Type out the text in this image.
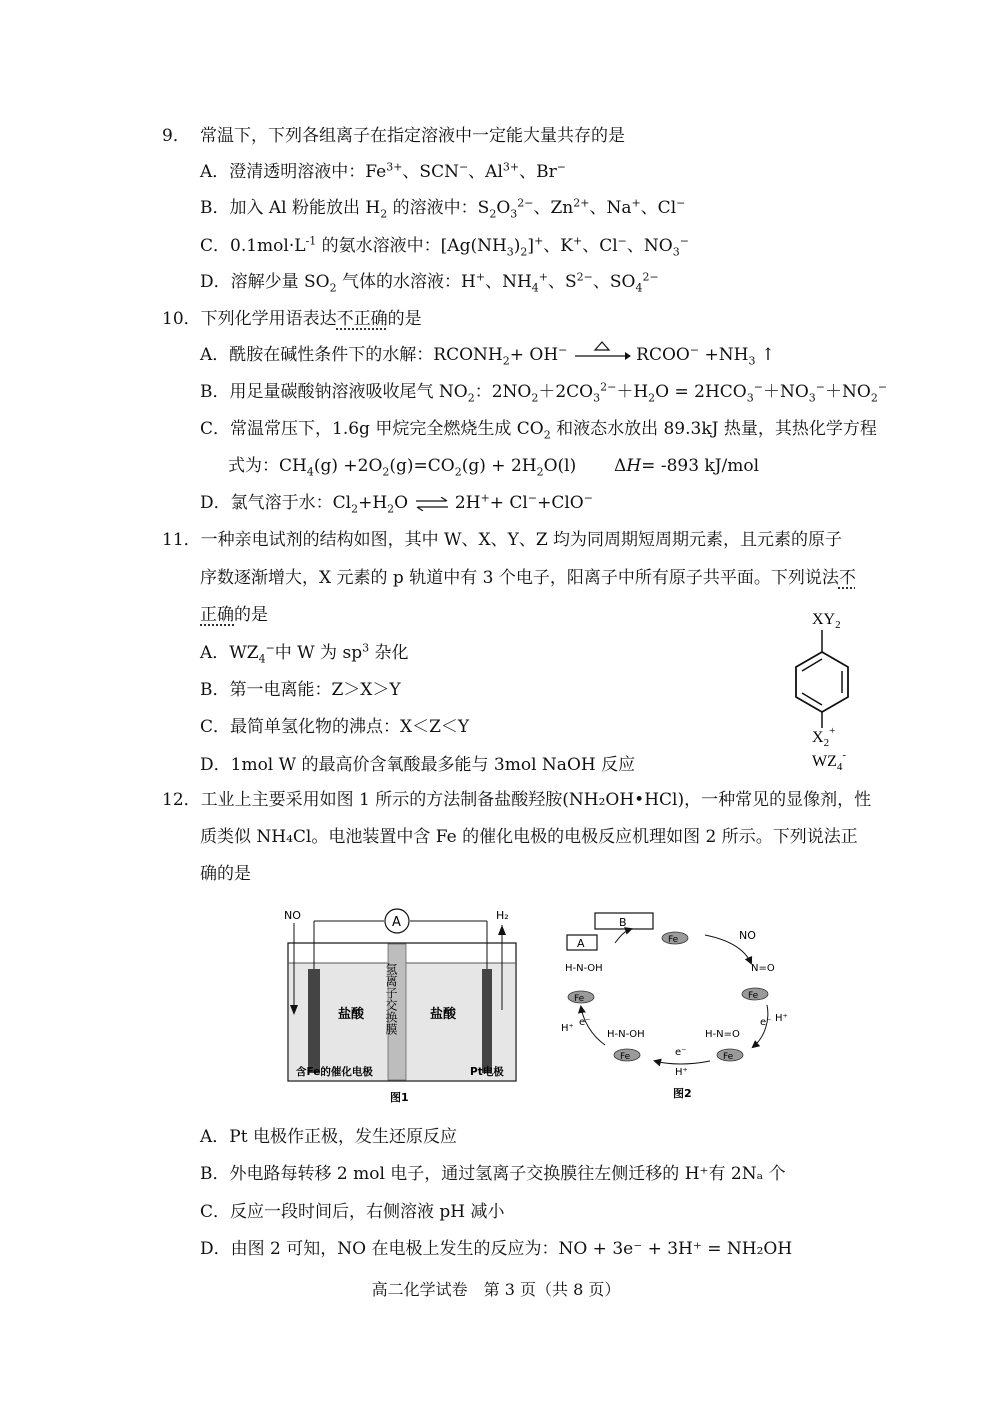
9． 常温下，下列各组离子在指定溶液中一定能大量共存的是
A．澄清透明溶液中：$Fe^{3+}$、SCN−、$Al^{3+}$、Br−
B．加入 Al 粉能放出 $H_2$ 的溶液中：$S_2O_3^{2-}$、$Zn^{2+}$、Na+、Cl−
C．$0.1mol\cdot L^{-1}$ 的氨水溶液中：$[Ag(NH_3)_2]^+$、K+、Cl−、$NO_3^-$
D．溶解少量 $SO_2$ 气体的水溶液：H+、$NH_4^+$、$S^{2-}$、$SO_4^{2-}$
10．下列化学用语表达不正确的是
A．酰胺在碱性条件下的水解：$RCONH_2+ OH^-$	RCOO− $+NH_3$ ↑
B．用足量碳酸钠溶液吸收尾气 $NO_2$：$2NO_2+2CO_3^{2-}+H_2O = 2HCO_3^-+NO_3^-+NO_2^-$
C．常温常压下，1.6g 甲烷完全燃烧生成 $CO_2$ 和液态水放出 89.3kJ 热量，其热化学方程
式为：$CH_4(g) +2O_2(g)=CO_2(g) + 2H_2O(l)$       ΔH= -893 kJ/mol
D．氯气溶于水：$Cl_2+H_2O$ ⇌ 2H++ Cl−+ClO−
11．一种亲电试剂的结构如图，其中 W、X、Y、Z 均为同周期短周期元素，且元素的原子
序数逐渐增大，X 元素的 p 轨道中有 3 个电子，阳离子中所有原子共平面。下列说法不
正确的是
A．$WZ_4^-$中 W 为 $sp^3$ 杂化
B．第一电离能：Z＞X＞Y
C．最简单氢化物的沸点：X＜Z＜Y
D．1mol W 的最高价含氧酸最多能与 3mol NaOH 反应
$XY_2$
$X_2^+$
$WZ_4^-$
12．工业上主要采用如图 1 所示的方法制备盐酸羟胺(NH₂OH•HCl)，一种常见的显像剂，性
质类似 NH₄Cl。电池装置中含 Fe 的催化电极的电极反应机理如图 2 所示。下列说法正
确的是
A
NO	H₂
盐酸	盐酸
氢离子交换膜
含Fe的催化电极	Pt电极
图1
B
A	Fe	NO
N=O
Fe
e⁻ H⁺
H‑N=O
Fe
e⁻
H⁺
H‑N‑OH
Fe
H⁺
e⁻
H‑N‑OH
Fe
图2
A．Pt 电极作正极，发生还原反应
B．外电路每转移 2 mol 电子，通过氢离子交换膜往左侧迁移的 H⁺有 2Nₐ 个
C．反应一段时间后，右侧溶液 pH 减小
D．由图 2 可知，NO 在电极上发生的反应为：NO + 3e⁻ + 3H⁺ = NH₂OH
高二化学试卷　第 3 页（共 8 页）
